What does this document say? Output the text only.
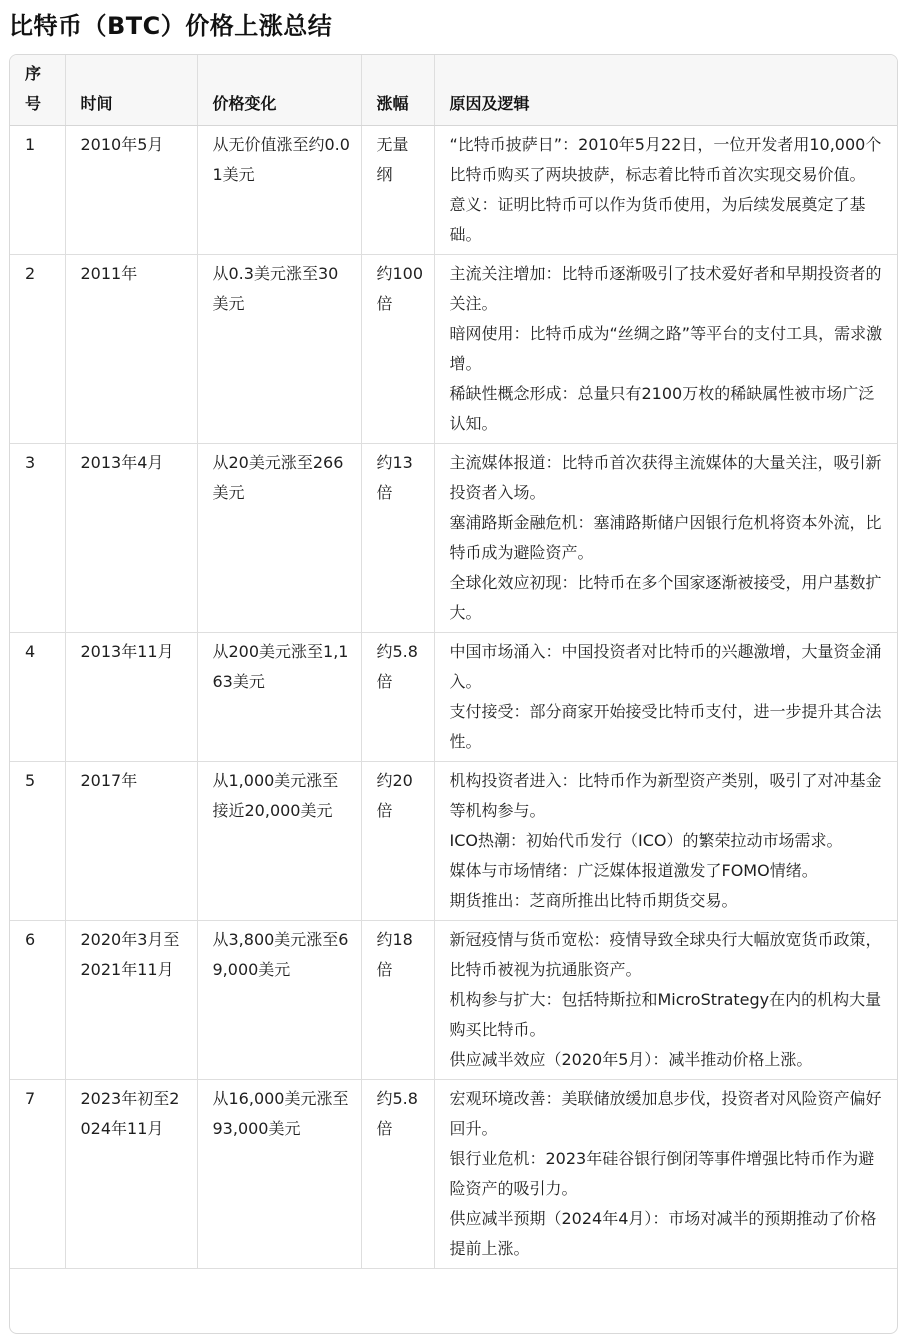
比特币（BTC）价格上涨总结
序
号	时间	价格变化	涨幅	原因及逻辑
1	2010年5月	从无价值涨至约0.01美元	无量纲	“比特币披萨日”：2010年5月22日，一位开发者用10,000个比特币购买了两块披萨，标志着比特币首次实现交易价值。
意义：证明比特币可以作为货币使用，为后续发展奠定了基础。

2	2011年	从0.3美元涨至30美元	约100倍	主流关注增加：比特币逐渐吸引了技术爱好者和早期投资者的关注。
暗网使用：比特币成为“丝绸之路”等平台的支付工具，需求激增。
稀缺性概念形成：总量只有2100万枚的稀缺属性被市场广泛认知。

3	2013年4月	从20美元涨至266美元	约13倍	主流媒体报道：比特币首次获得主流媒体的大量关注，吸引新投资者入场。
塞浦路斯金融危机：塞浦路斯储户因银行危机将资本外流，比特币成为避险资产。
全球化效应初现：比特币在多个国家逐渐被接受，用户基数扩大。

4	2013年11月	从200美元涨至1,163美元	约5.8倍	中国市场涌入：中国投资者对比特币的兴趣激增，大量资金涌入。
支付接受：部分商家开始接受比特币支付，进一步提升其合法性。

5	2017年	从1,000美元涨至接近20,000美元	约20倍	机构投资者进入：比特币作为新型资产类别，吸引了对冲基金等机构参与。
ICO热潮：初始代币发行（ICO）的繁荣拉动市场需求。
媒体与市场情绪：广泛媒体报道激发了FOMO情绪。
期货推出：芝商所推出比特币期货交易。

6	2020年3月至2021年11月	从3,800美元涨至69,000美元	约18倍	新冠疫情与货币宽松：疫情导致全球央行大幅放宽货币政策，比特币被视为抗通胀资产。
机构参与扩大：包括特斯拉和MicroStrategy在内的机构大量购买比特币。
供应减半效应（2020年5月）：减半推动价格上涨。

7	2023年初至2024年11月	从16,000美元涨至93,000美元	约5.8倍	宏观环境改善：美联储放缓加息步伐，投资者对风险资产偏好回升。
银行业危机：2023年硅谷银行倒闭等事件增强比特币作为避险资产的吸引力。
供应减半预期（2024年4月）：市场对减半的预期推动了价格提前上涨。
